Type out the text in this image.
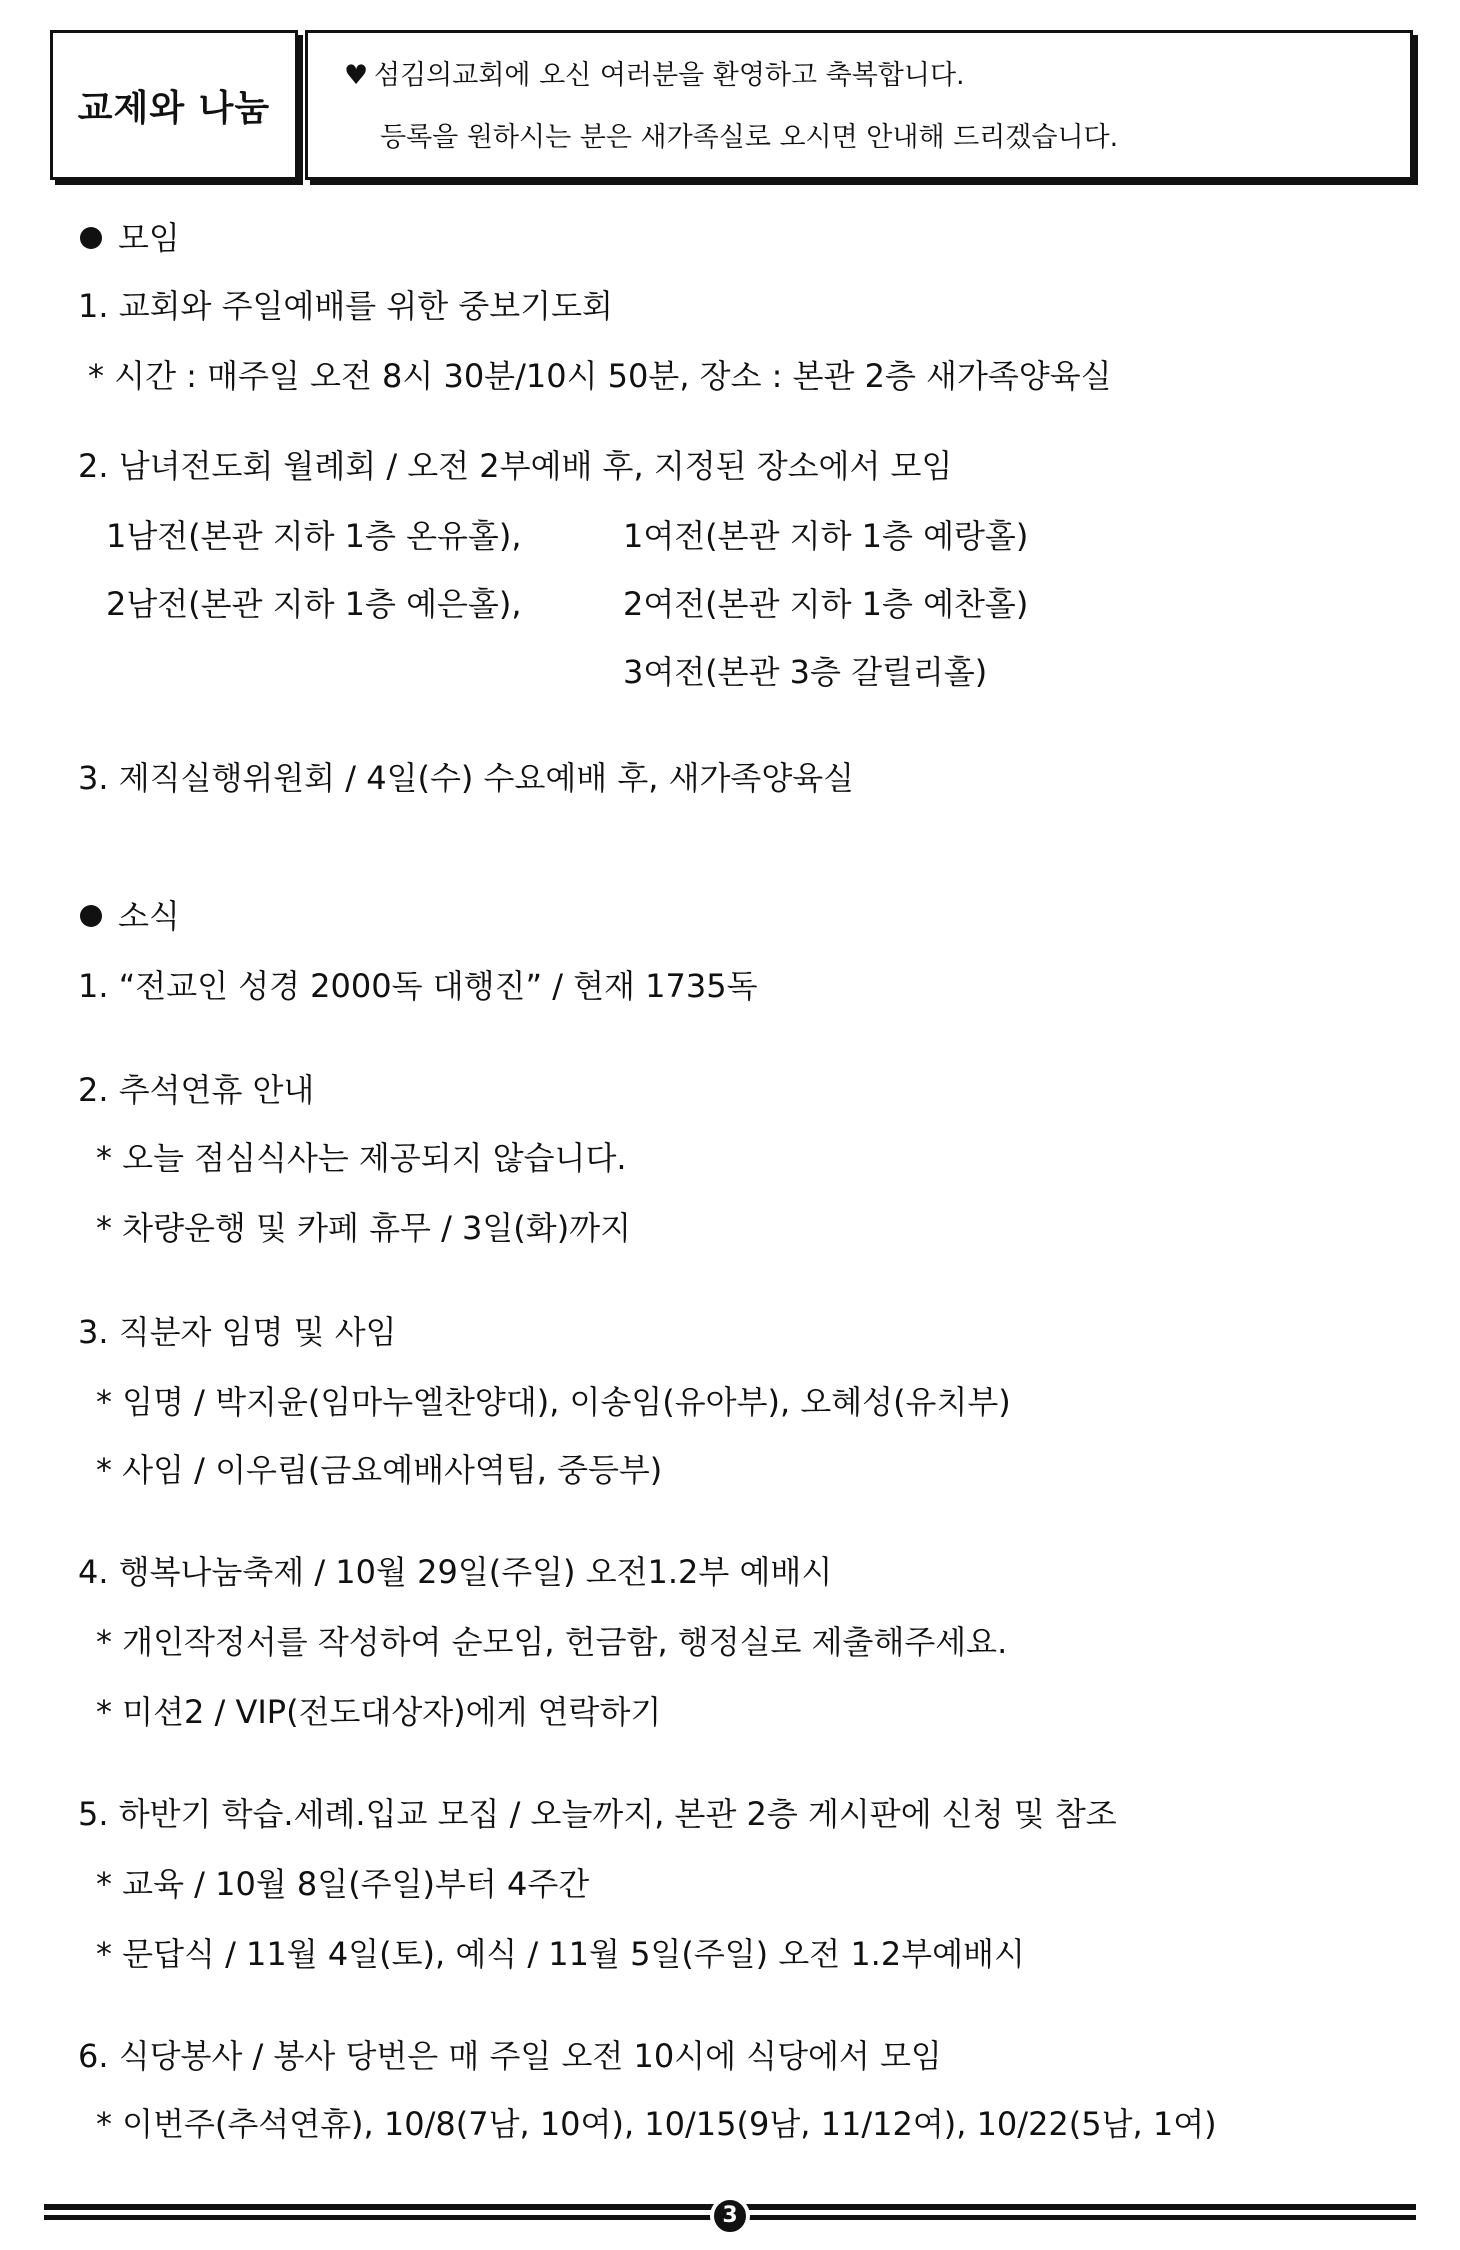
교제와 나눔
♥ 섬김의교회에 오신 여러분을 환영하고 축복합니다.
등록을 원하시는 분은 새가족실로 오시면 안내해 드리겠습니다.
모임
1. 교회와 주일예배를 위한 중보기도회
* 시간 : 매주일 오전 8시 30분/10시 50분, 장소 : 본관 2층 새가족양육실
2. 남녀전도회 월례회 / 오전 2부예배 후, 지정된 장소에서 모임
1남전(본관 지하 1층 온유홀),	1여전(본관 지하 1층 예랑홀)
2남전(본관 지하 1층 예은홀),	2여전(본관 지하 1층 예찬홀)
3여전(본관 3층 갈릴리홀)
3. 제직실행위원회 / 4일(수) 수요예배 후, 새가족양육실
소식
1. “전교인 성경 2000독 대행진” / 현재 1735독
2. 추석연휴 안내
* 오늘 점심식사는 제공되지 않습니다.
* 차량운행 및 카페 휴무 / 3일(화)까지
3. 직분자 임명 및 사임
* 임명 / 박지윤(임마누엘찬양대), 이송임(유아부), 오혜성(유치부)
* 사임 / 이우림(금요예배사역팀, 중등부)
4. 행복나눔축제 / 10월 29일(주일) 오전1.2부 예배시
* 개인작정서를 작성하여 순모임, 헌금함, 행정실로 제출해주세요.
* 미션2 / VIP(전도대상자)에게 연락하기
5. 하반기 학습.세례.입교 모집 / 오늘까지, 본관 2층 게시판에 신청 및 참조
* 교육 / 10월 8일(주일)부터 4주간
* 문답식 / 11월 4일(토), 예식 / 11월 5일(주일) 오전 1.2부예배시
6. 식당봉사 / 봉사 당번은 매 주일 오전 10시에 식당에서 모임
* 이번주(추석연휴), 10/8(7남, 10여), 10/15(9남, 11/12여), 10/22(5남, 1여)
3
